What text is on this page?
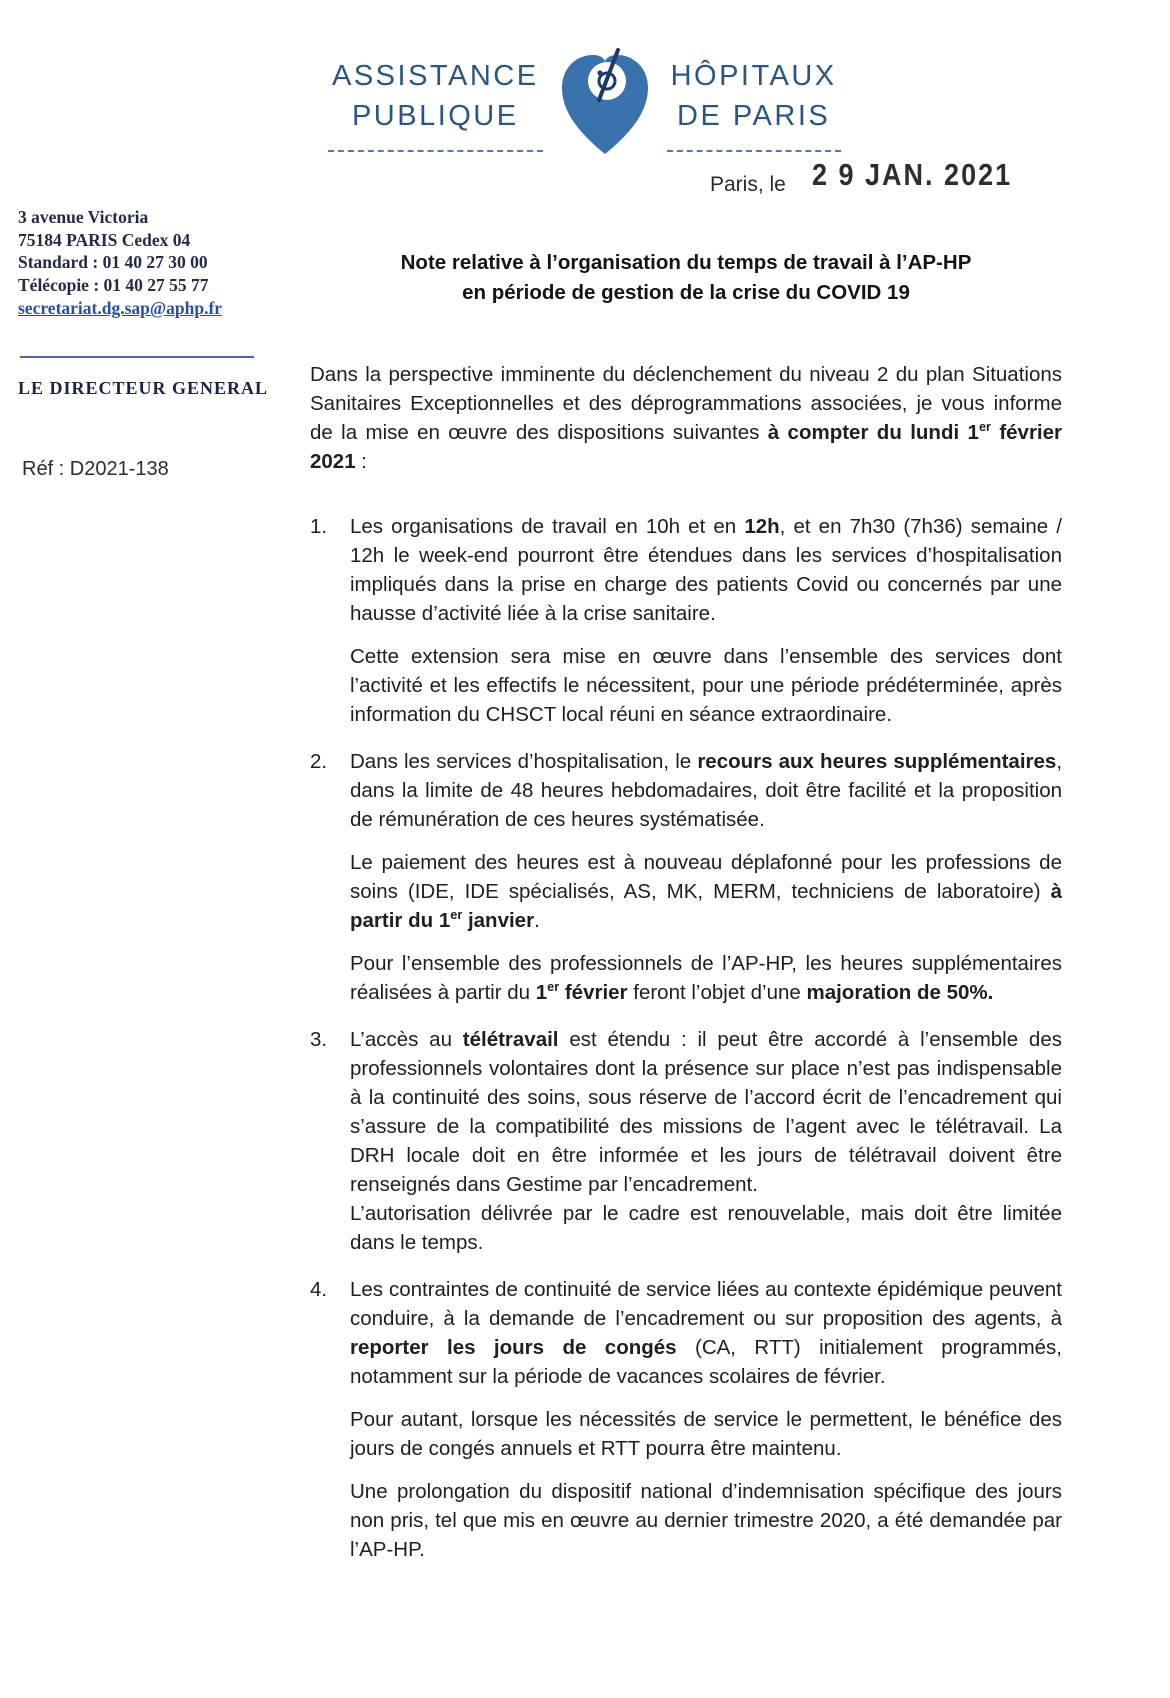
ASSISTANCE
PUBLIQUE
HÔPITAUX
DE PARIS
Paris, le 2 9 JAN. 2021
3 avenue Victoria
75184 PARIS Cedex 04
Standard : 01 40 27 30 00
Télécopie : 01 40 27 55 77
secretariat.dg.sap@aphp.fr
LE DIRECTEUR GENERAL
Réf : D2021-138
Note relative à l’organisation du temps de travail à l’AP-HP
en période de gestion de la crise du COVID 19
Dans la perspective imminente du déclenchement du niveau 2 du plan Situations Sanitaires Exceptionnelles et des déprogrammations associées, je vous informe de la mise en œuvre des dispositions suivantes à compter du lundi 1er février 2021 :
1.	Les organisations de travail en 10h et en 12h, et en 7h30 (7h36) semaine / 12h le week-end pourront être étendues dans les services d’hospitalisation impliqués dans la prise en charge des patients Covid ou concernés par une hausse d’activité liée à la crise sanitaire.
Cette extension sera mise en œuvre dans l’ensemble des services dont l’activité et les effectifs le nécessitent, pour une période prédéterminée, après information du CHSCT local réuni en séance extraordinaire.
2.	Dans les services d’hospitalisation, le recours aux heures supplémentaires, dans la limite de 48 heures hebdomadaires, doit être facilité et la proposition de rémunération de ces heures systématisée.
Le paiement des heures est à nouveau déplafonné pour les professions de soins (IDE, IDE spécialisés, AS, MK, MERM, techniciens de laboratoire) à partir du 1er janvier.
Pour l’ensemble des professionnels de l’AP-HP, les heures supplémentaires réalisées à partir du 1er février feront l’objet d’une majoration de 50%.
3.	L’accès au télétravail est étendu : il peut être accordé à l’ensemble des professionnels volontaires dont la présence sur place n’est pas indispensable à la continuité des soins, sous réserve de l’accord écrit de l’encadrement qui s’assure de la compatibilité des missions de l’agent avec le télétravail. La DRH locale doit en être informée et les jours de télétravail doivent être renseignés dans Gestime par l’encadrement.
L’autorisation délivrée par le cadre est renouvelable, mais doit être limitée dans le temps.
4.	Les contraintes de continuité de service liées au contexte épidémique peuvent conduire, à la demande de l’encadrement ou sur proposition des agents, à reporter les jours de congés (CA, RTT) initialement programmés, notamment sur la période de vacances scolaires de février.
Pour autant, lorsque les nécessités de service le permettent, le bénéfice des jours de congés annuels et RTT pourra être maintenu.
Une prolongation du dispositif national d’indemnisation spécifique des jours non pris, tel que mis en œuvre au dernier trimestre 2020, a été demandée par l’AP-HP.
